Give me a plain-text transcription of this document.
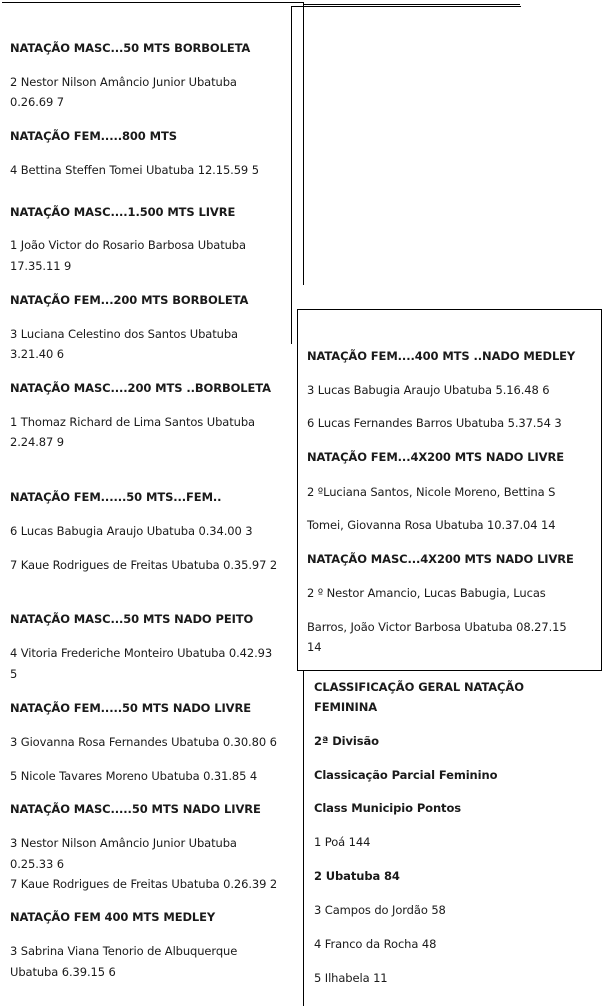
NATAÇÃO MASC...50 MTS BORBOLETA
2 Nestor Nilson Amâncio Junior Ubatuba
0.26.69 7
NATAÇÃO FEM.....800 MTS
4 Bettina Steffen Tomei Ubatuba 12.15.59 5
NATAÇÃO MASC....1.500 MTS LIVRE
1 João Victor do Rosario Barbosa Ubatuba
17.35.11 9
NATAÇÃO FEM...200 MTS BORBOLETA
3 Luciana Celestino dos Santos Ubatuba
3.21.40 6
NATAÇÃO MASC....200 MTS ..BORBOLETA
1 Thomaz Richard de Lima Santos Ubatuba
2.24.87 9
NATAÇÃO FEM......50 MTS...FEM..
6 Lucas Babugia Araujo Ubatuba 0.34.00 3
7 Kaue Rodrigues de Freitas Ubatuba 0.35.97 2
NATAÇÃO MASC...50 MTS NADO PEITO
4 Vitoria Frederiche Monteiro Ubatuba 0.42.93
5
NATAÇÃO FEM.....50 MTS NADO LIVRE
3 Giovanna Rosa Fernandes Ubatuba 0.30.80 6
5 Nicole Tavares Moreno Ubatuba 0.31.85 4
NATAÇÃO MASC.....50 MTS NADO LIVRE
3 Nestor Nilson Amâncio Junior Ubatuba
0.25.33 6
7 Kaue Rodrigues de Freitas Ubatuba 0.26.39 2
NATAÇÃO FEM 400 MTS MEDLEY
3 Sabrina Viana Tenorio de Albuquerque
Ubatuba 6.39.15 6
NATAÇÃO FEM....400 MTS ..NADO MEDLEY
3 Lucas Babugia Araujo Ubatuba 5.16.48 6
6 Lucas Fernandes Barros Ubatuba 5.37.54 3
NATAÇÃO FEM...4X200 MTS NADO LIVRE
2 ºLuciana Santos, Nicole Moreno, Bettina S
Tomei, Giovanna Rosa Ubatuba 10.37.04 14
NATAÇÃO MASC...4X200 MTS NADO LIVRE
2 º Nestor Amancio, Lucas Babugia, Lucas
Barros, João Victor Barbosa Ubatuba 08.27.15
14
CLASSIFICAÇÃO GERAL NATAÇÃO
FEMININA
2ª Divisão
Classicação Parcial Feminino
Class Municipio Pontos
1 Poá 144
2 Ubatuba 84
3 Campos do Jordão 58
4 Franco da Rocha 48
5 Ilhabela 11
